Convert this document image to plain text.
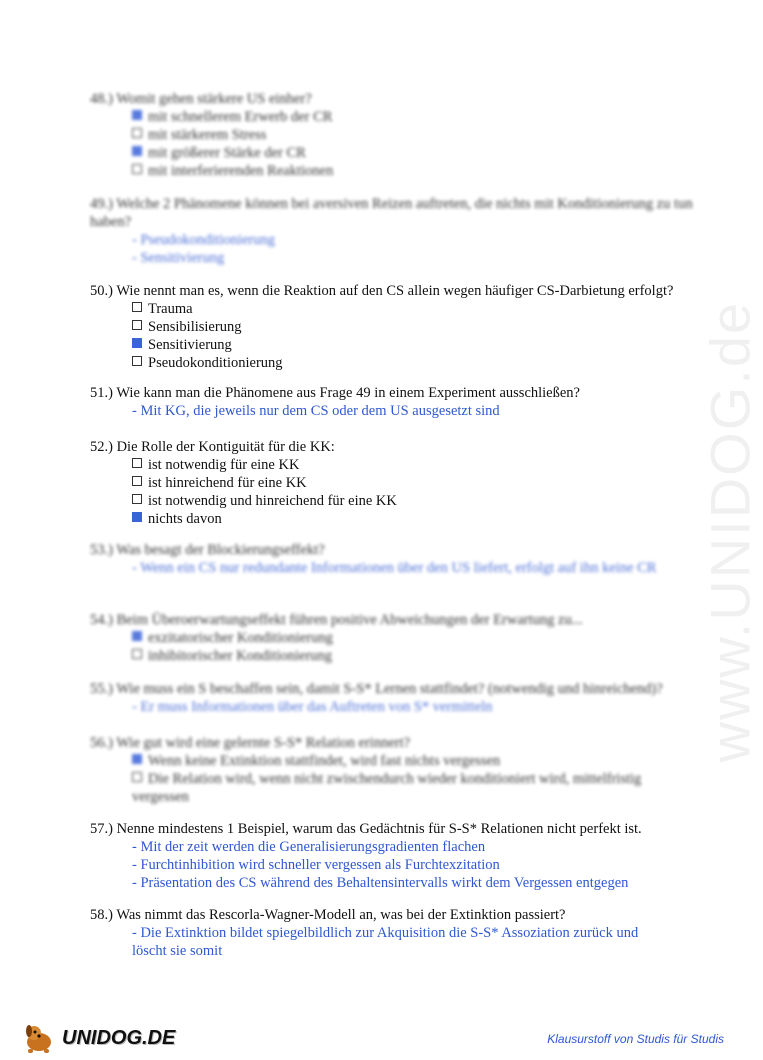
www.UNIDOG.de
48.) Womit gehen stärkere US einher?
mit schnellerem Erwerb der CR
mit stärkerem Stress
mit größerer Stärke der CR
mit interferierenden Reaktionen
49.) Welche 2 Phänomene können bei aversiven Reizen auftreten, die nichts mit Konditionierung zu tun haben?
- Pseudokonditionierung
- Sensitivierung
50.) Wie nennt man es, wenn die Reaktion auf den CS allein wegen häufiger CS-Darbietung erfolgt?
Trauma
Sensibilisierung
Sensitivierung
Pseudokonditionierung
51.) Wie kann man die Phänomene aus Frage 49 in einem Experiment ausschließen?
- Mit KG, die jeweils nur dem CS oder dem US ausgesetzt sind
52.) Die Rolle der Kontiguität für die KK:
ist notwendig für eine KK
ist hinreichend für eine KK
ist notwendig und hinreichend für eine KK
nichts davon
53.) Was besagt der Blockierungseffekt?
- Wenn ein CS nur redundante Informationen über den US liefert, erfolgt auf ihn keine CR
54.) Beim Überoerwartungseffekt führen positive Abweichungen der Erwartung zu...
exzitatorischer Konditionierung
inhibitorischer Konditionierung
55.) Wie muss ein S beschaffen sein, damit S-S* Lernen stattfindet? (notwendig und hinreichend)?
- Er muss Informationen über das Auftreten von S* vermitteln
56.) Wie gut wird eine gelernte S-S* Relation erinnert?
Wenn keine Extinktion stattfindet, wird fast nichts vergessen
Die Relation wird, wenn nicht zwischendurch wieder konditioniert wird, mittelfristig
vergessen
57.) Nenne mindestens 1 Beispiel, warum das Gedächtnis für S-S* Relationen nicht perfekt ist.
- Mit der zeit werden die Generalisierungsgradienten flachen
- Furchtinhibition wird schneller vergessen als Furchtexzitation
- Präsentation des CS während des Behaltensintervalls wirkt dem Vergessen entgegen
58.) Was nimmt das Rescorla-Wagner-Modell an, was bei der Extinktion passiert?
- Die Extinktion bildet spiegelbildlich zur Akquisition die S-S* Assoziation zurück und löscht sie somit
UNIDOG.DE	Klausurstoff von Studis für Studis
